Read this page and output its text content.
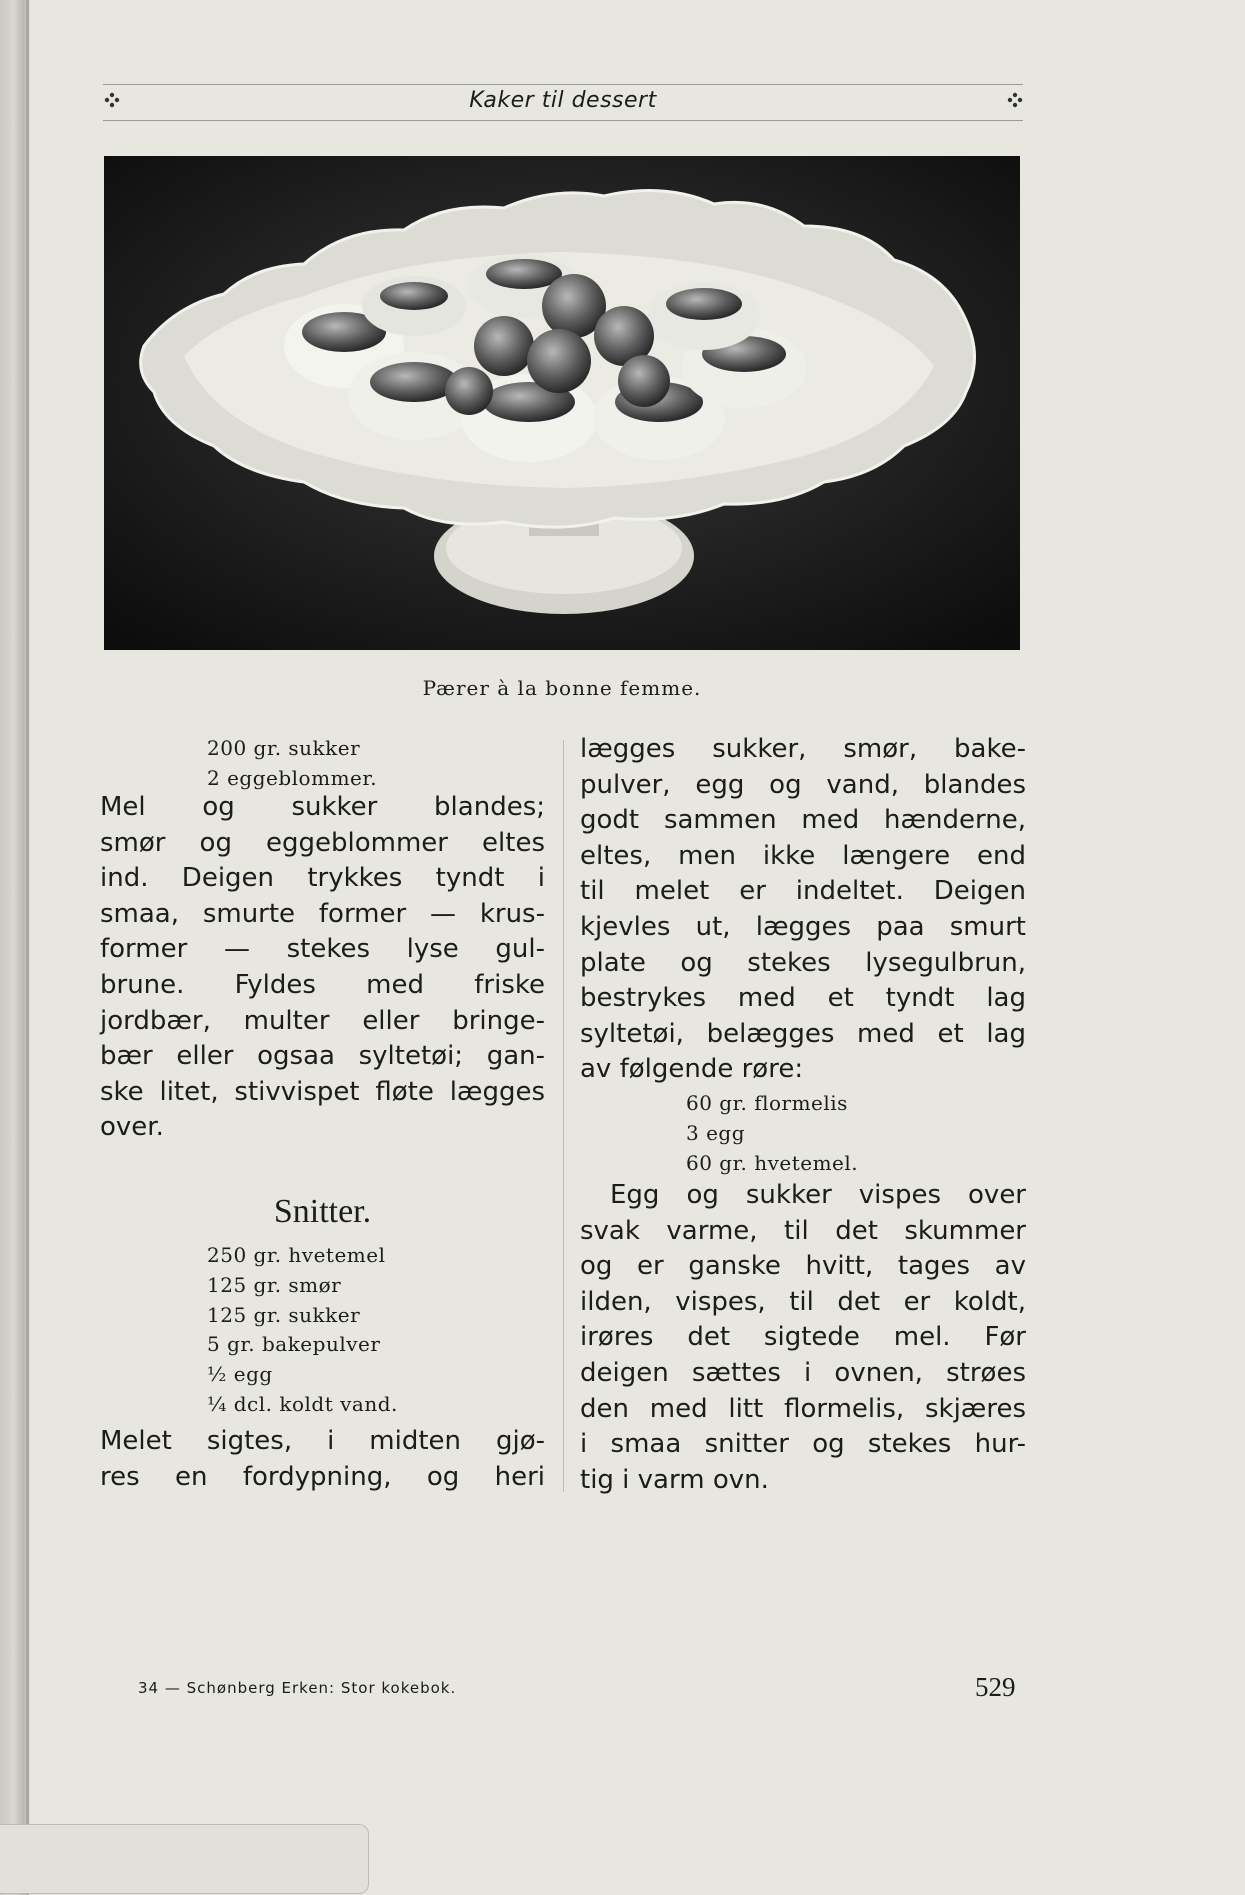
Kaker til dessert
Pærer à la bonne femme.
200 gr. sukker
2 eggeblommer.
Mel og sukker blandes;
smør og eggeblommer eltes
ind. Deigen trykkes tyndt i
smaa, smurte former — krus-
former — stekes lyse gul-
brune. Fyldes med friske
jordbær, multer eller bringe-
bær eller ogsaa syltetøi; gan-
ske litet, stivvispet fløte lægges
over.
Snitter.
250 gr. hvetemel
125 gr. smør
125 gr. sukker
5 gr. bakepulver
½ egg
¼ dcl. koldt vand.
Melet sigtes, i midten gjø-
res en fordypning, og heri
lægges sukker, smør, bake-
pulver, egg og vand, blandes
godt sammen med hænderne,
eltes, men ikke længere end
til melet er indeltet. Deigen
kjevles ut, lægges paa smurt
plate og stekes lysegulbrun,
bestrykes med et tyndt lag
syltetøi, belægges med et lag
av følgende røre:
60 gr. flormelis
3 egg
60 gr. hvetemel.
Egg og sukker vispes over
svak varme, til det skummer
og er ganske hvitt, tages av
ilden, vispes, til det er koldt,
irøres det sigtede mel. Før
deigen sættes i ovnen, strøes
den med litt flormelis, skjæres
i smaa snitter og stekes hur-
tig i varm ovn.
34 — Schønberg Erken: Stor kokebok.	529
